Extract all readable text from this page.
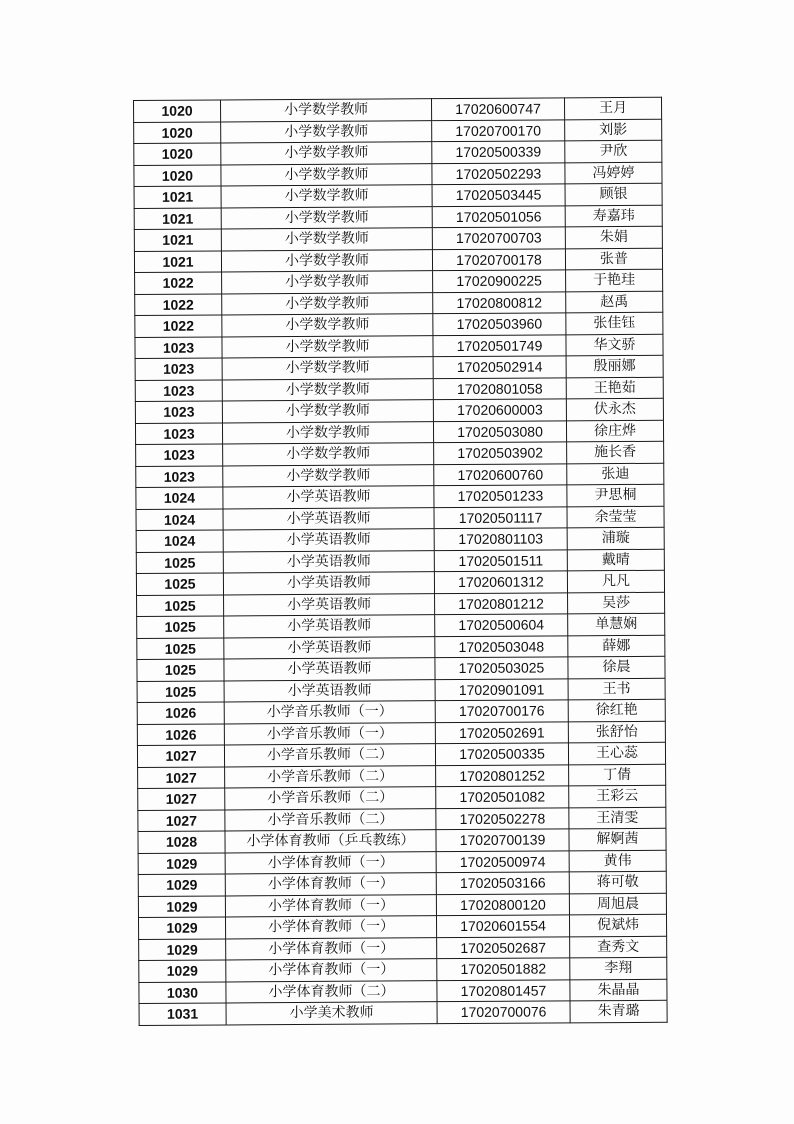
1020	小学数学教师	17020600747	王月
1020	小学数学教师	17020700170	刘影
1020	小学数学教师	17020500339	尹欣
1020	小学数学教师	17020502293	冯婷婷
1021	小学数学教师	17020503445	顾银
1021	小学数学教师	17020501056	寿嘉玮
1021	小学数学教师	17020700703	朱娟
1021	小学数学教师	17020700178	张普
1022	小学数学教师	17020900225	于艳珪
1022	小学数学教师	17020800812	赵禹
1022	小学数学教师	17020503960	张佳钰
1023	小学数学教师	17020501749	华文骄
1023	小学数学教师	17020502914	殷丽娜
1023	小学数学教师	17020801058	王艳茹
1023	小学数学教师	17020600003	伏永杰
1023	小学数学教师	17020503080	徐庄烨
1023	小学数学教师	17020503902	施长香
1023	小学数学教师	17020600760	张迪
1024	小学英语教师	17020501233	尹思桐
1024	小学英语教师	17020501117	余莹莹
1024	小学英语教师	17020801103	浦璇
1025	小学英语教师	17020501511	戴晴
1025	小学英语教师	17020601312	凡凡
1025	小学英语教师	17020801212	吴莎
1025	小学英语教师	17020500604	单慧娴
1025	小学英语教师	17020503048	薛娜
1025	小学英语教师	17020503025	徐晨
1025	小学英语教师	17020901091	王书
1026	小学音乐教师（一）	17020700176	徐红艳
1026	小学音乐教师（一）	17020502691	张舒怡
1027	小学音乐教师（二）	17020500335	王心蕊
1027	小学音乐教师（二）	17020801252	丁倩
1027	小学音乐教师（二）	17020501082	王彩云
1027	小学音乐教师（二）	17020502278	王清雯
1028	小学体育教师（乒乓教练）	17020700139	解婀茜
1029	小学体育教师（一）	17020500974	黄伟
1029	小学体育教师（一）	17020503166	蒋可敬
1029	小学体育教师（一）	17020800120	周旭晨
1029	小学体育教师（一）	17020601554	倪斌炜
1029	小学体育教师（一）	17020502687	查秀文
1029	小学体育教师（一）	17020501882	李翔
1030	小学体育教师（二）	17020801457	朱晶晶
1031	小学美术教师	17020700076	朱青璐
